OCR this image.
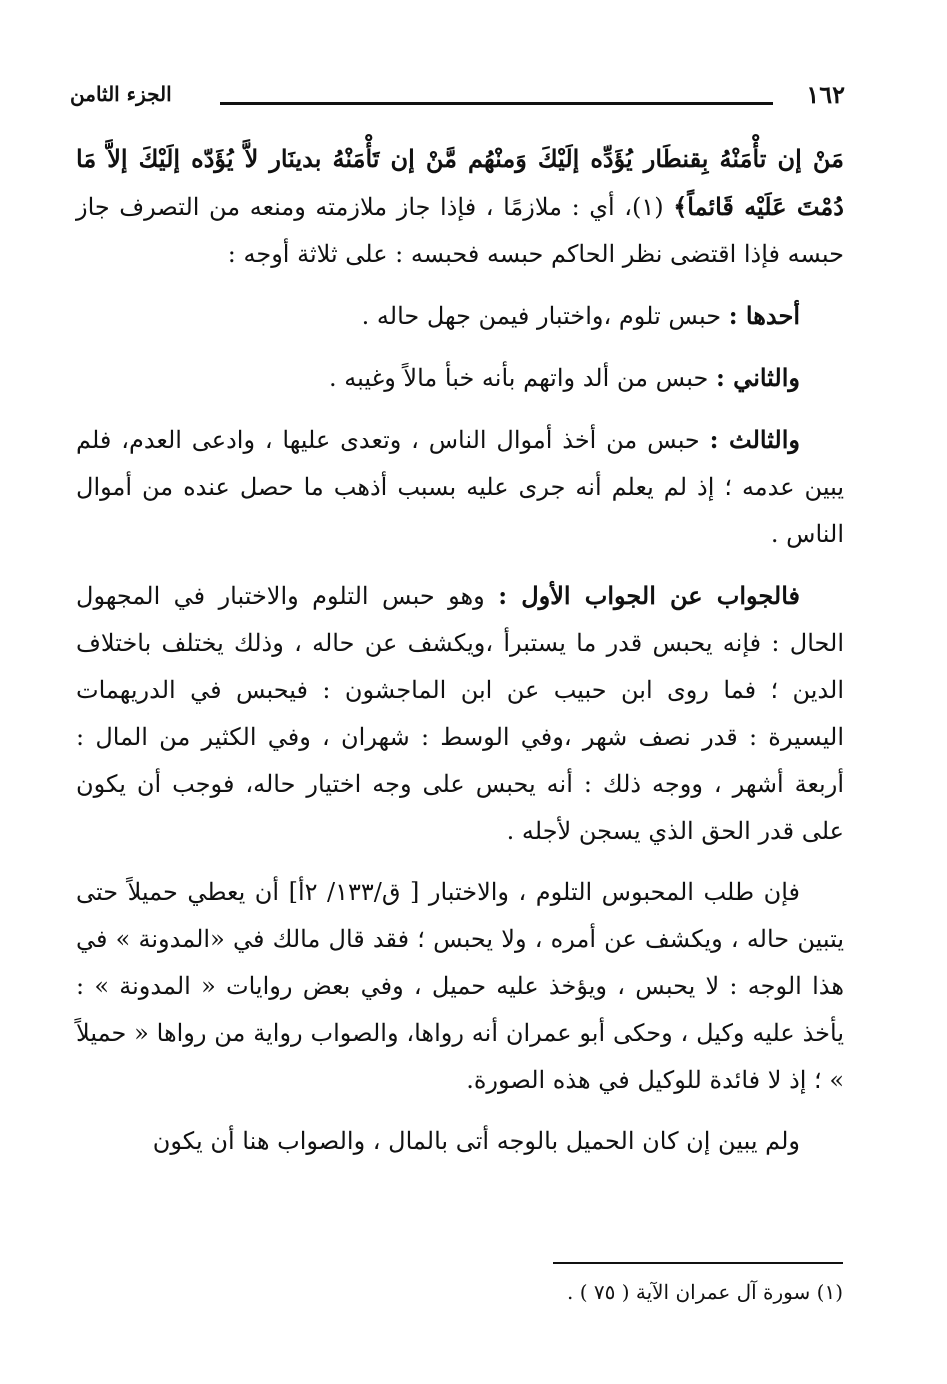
١٦٢
الجزء الثامن

مَنْ إن تأْمَنْهُ بِقنطَار يُؤَدِّه إلَيْكَ وَمنْهُم مَّنْ إن تَأْمَنْهُ بدينَار لاَّ يُؤَدّه إلَيْكَ إلاَّ مَا دُمْتَ عَلَيْه قَائماً﴾ (١)، أي : ملازمًا ، فإذا جاز ملازمته ومنعه من التصرف جاز حبسه فإذا اقتضى نظر الحاكم حبسه فحبسه : على ثلاثة أوجه :

أحدها : حبس تلوم ،واختبار فيمن جهل حاله .

والثاني : حبس من ألد واتهم بأنه خبأ مالاً وغيبه .

والثالث : حبس من أخذ أموال الناس ، وتعدى عليها ، وادعى العدم، فلم يبين عدمه ؛ إذ لم يعلم أنه جرى عليه بسبب أذهب ما حصل عنده من أموال الناس .

فالجواب عن الجواب الأول : وهو حبس التلوم والاختبار في المجهول الحال : فإنه يحبس قدر ما يستبرأ ،ويكشف عن حاله ، وذلك يختلف باختلاف الدين ؛ فما روى ابن حبيب عن ابن الماجشون : فيحبس في الدريهمات اليسيرة : قدر نصف شهر ،وفي الوسط : شهران ، وفي الكثير من المال : أربعة أشهر ، ووجه ذلك : أنه يحبس على وجه اختيار حاله، فوجب أن يكون على قدر الحق الذي يسجن لأجله .

فإن طلب المحبوس التلوم ، والاختبار [ ق/١٣٣/ ٢أ] أن يعطي حميلاً حتى يتبين حاله ، ويكشف عن أمره ، ولا يحبس ؛ فقد قال مالك في «المدونة » في هذا الوجه : لا يحبس ، ويؤخذ عليه حميل ، وفي بعض روايات « المدونة » : يأخذ عليه وكيل ، وحكى أبو عمران أنه رواها، والصواب رواية من رواها « حميلاً » ؛ إذ لا فائدة للوكيل في هذه الصورة.

ولم يبين إن كان الحميل بالوجه أتى بالمال ، والصواب هنا أن يكون

(١) سورة آل عمران الآية ( ٧٥ ) .
